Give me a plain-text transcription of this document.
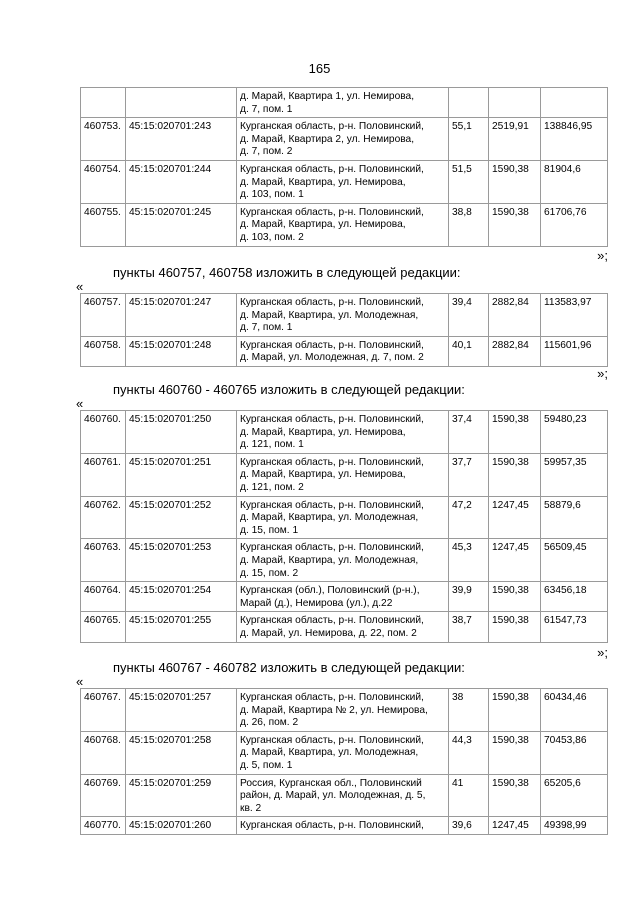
165
		д. Марай, Квартира 1, ул. Немирова,
д. 7, пом. 1			
460753.	45:15:020701:243	Курганская область, р-н. Половинский,
д. Марай, Квартира 2, ул. Немирова,
д. 7, пом. 2	55,1	2519,91	138846,95
460754.	45:15:020701:244	Курганская область, р-н. Половинский,
д. Марай, Квартира, ул. Немирова,
д. 103, пом. 1	51,5	1590,38	81904,6
460755.	45:15:020701:245	Курганская область, р-н. Половинский,
д. Марай, Квартира, ул. Немирова,
д. 103, пом. 2	38,8	1590,38	61706,76
»;
пункты 460757, 460758 изложить в следующей редакции:
«
460757.	45:15:020701:247	Курганская область, р-н. Половинский,
д. Марай, Квартира, ул. Молодежная,
д. 7, пом. 1	39,4	2882,84	113583,97
460758.	45:15:020701:248	Курганская область, р-н. Половинский,
д. Марай, ул. Молодежная, д. 7, пом. 2	40,1	2882,84	115601,96
»;
пункты 460760 - 460765 изложить в следующей редакции:
«
460760.	45:15:020701:250	Курганская область, р-н. Половинский,
д. Марай, Квартира, ул. Немирова,
д. 121, пом. 1	37,4	1590,38	59480,23
460761.	45:15:020701:251	Курганская область, р-н. Половинский,
д. Марай, Квартира, ул. Немирова,
д. 121, пом. 2	37,7	1590,38	59957,35
460762.	45:15:020701:252	Курганская область, р-н. Половинский,
д. Марай, Квартира, ул. Молодежная,
д. 15, пом. 1	47,2	1247,45	58879,6
460763.	45:15:020701:253	Курганская область, р-н. Половинский,
д. Марай, Квартира, ул. Молодежная,
д. 15, пом. 2	45,3	1247,45	56509,45
460764.	45:15:020701:254	Курганская (обл.), Половинский (р-н.),
Марай (д.), Немирова (ул.), д.22	39,9	1590,38	63456,18
460765.	45:15:020701:255	Курганская область, р-н. Половинский,
д. Марай, ул. Немирова, д. 22, пом. 2	38,7	1590,38	61547,73
»;
пункты 460767 - 460782 изложить в следующей редакции:
«
460767.	45:15:020701:257	Курганская область, р-н. Половинский,
д. Марай, Квартира № 2, ул. Немирова,
д. 26, пом. 2	38	1590,38	60434,46
460768.	45:15:020701:258	Курганская область, р-н. Половинский,
д. Марай, Квартира, ул. Молодежная,
д. 5, пом. 1	44,3	1590,38	70453,86
460769.	45:15:020701:259	Россия, Курганская обл., Половинский
район, д. Марай, ул. Молодежная, д. 5,
кв. 2	41	1590,38	65205,6
460770.	45:15:020701:260	Курганская область, р-н. Половинский,	39,6	1247,45	49398,99
